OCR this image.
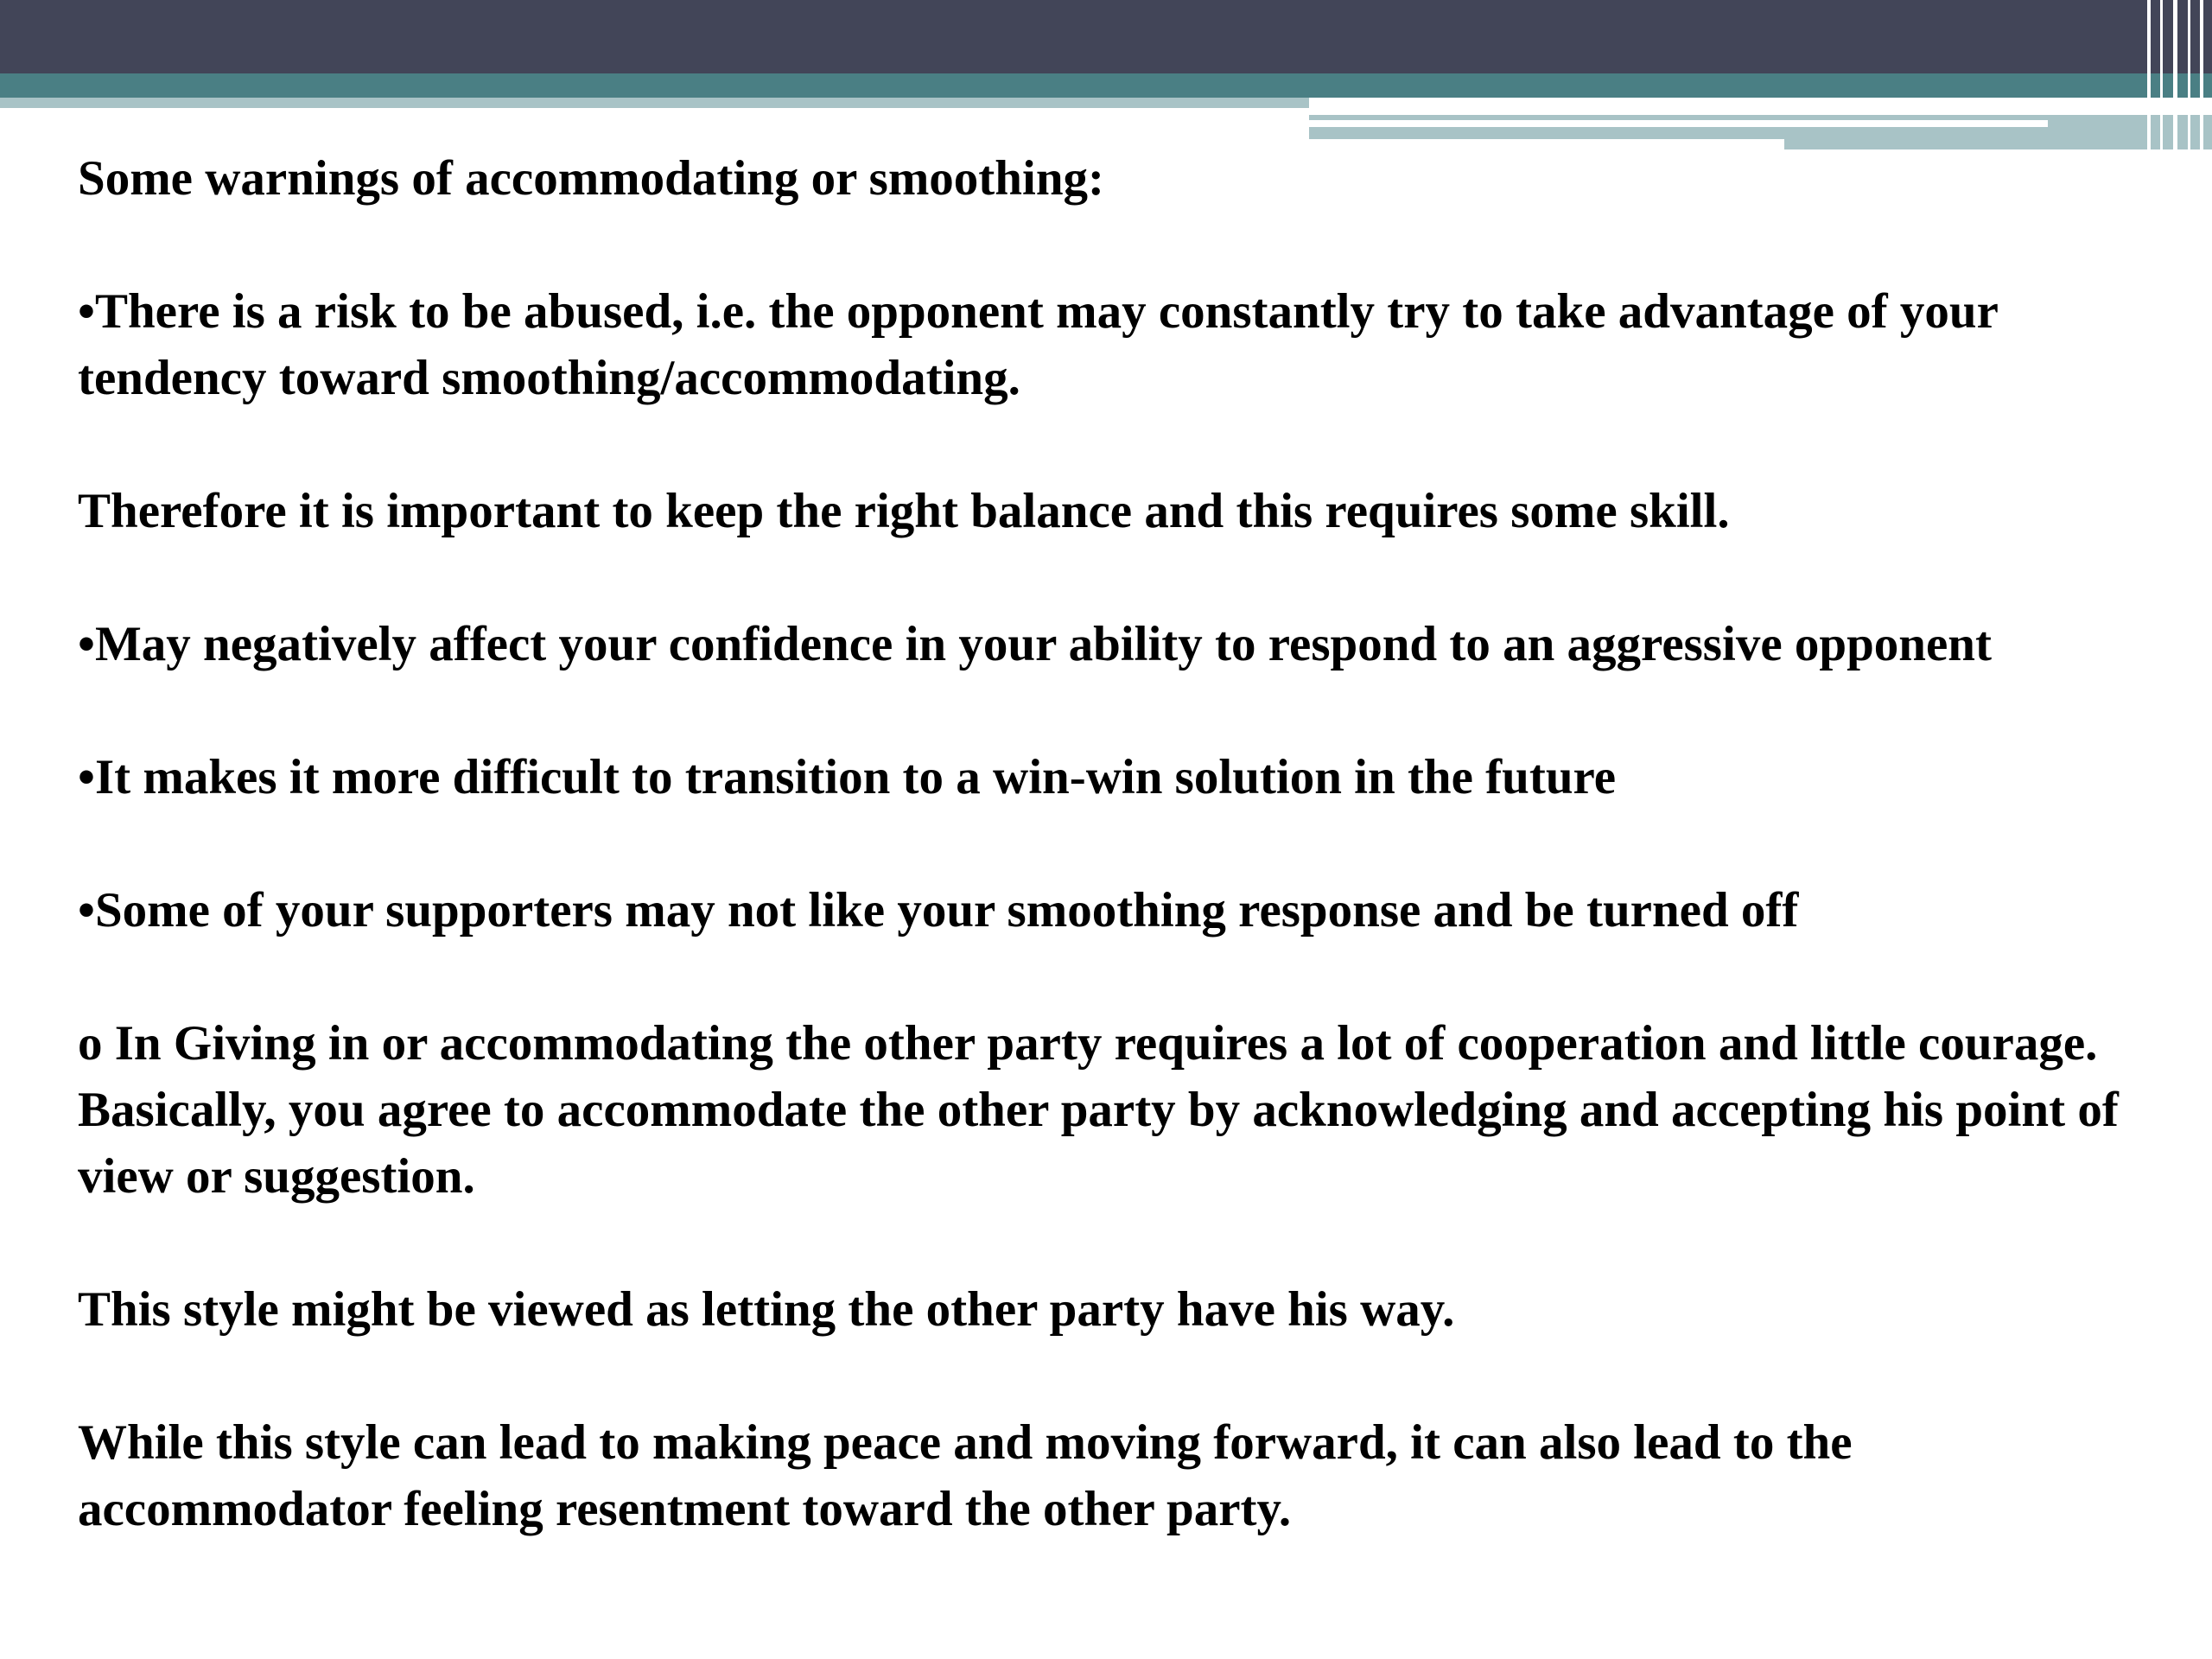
Some warnings of accommodating or smoothing:

•There is a risk to be abused, i.e. the opponent may constantly try to take advantage of your tendency toward smoothing/accommodating.

Therefore it is important to keep the right balance and this requires some skill.

•May negatively affect your confidence in your ability to respond to an aggressive opponent

•It makes it more difficult to transition to a win-win solution in the future

•Some of your supporters may not like your smoothing response and be turned off

o In Giving in or accommodating the other party requires a lot of cooperation and little courage. Basically, you agree to accommodate the other party by acknowledging and accepting his point of view or suggestion.

This style might be viewed as letting the other party have his way.

While this style can lead to making peace and moving forward, it can also lead to the accommodator feeling resentment toward the other party.
